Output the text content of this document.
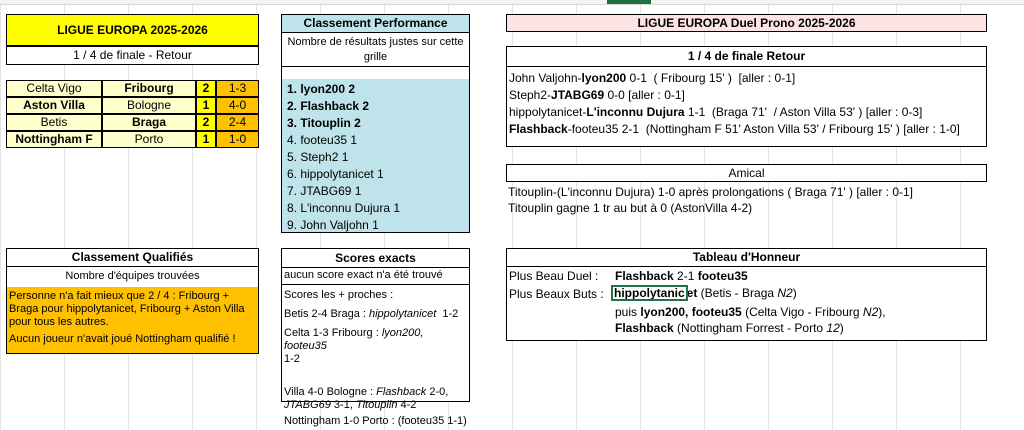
LIGUE EUROPA 2025-2026
1 / 4 de finale - Retour
Celta Vigo	Fribourg	2	1-3
Aston Villa	Bologne	1	4-0
Betis	Braga	2	2-4
Nottingham F	Porto	1	1-0
Classement Qualifiés
Nombre d'équipes trouvées
Personne n'a fait mieux que 2 / 4 : Fribourg +
Braga pour hippolytanicet, Fribourg + Aston Villa
pour tous les autres.
Aucun joueur n'avait joué Nottingham qualifié !
Classement Performance
Nombre de résultats justes sur cette
grille
1. lyon200 2
2. Flashback 2
3. Titouplin 2
4. footeu35 1
5. Steph2 1
6. hippolytanicet 1
7. JTABG69 1
8. L'inconnu Dujura 1
9. John Valjohn 1
Scores exacts
aucun score exact n'a été trouvé
Scores les + proches :
Betis 2-4 Braga : hippolytanicet  1-2
Celta 1-3 Fribourg : lyon200, footeu35
1-2
Villa 4-0 Bologne : Flashback 2-0,
JTABG69 3-1, Titouplin 4-2
Nottingham 1-0 Porto : (footeu35 1-1)
LIGUE EUROPA Duel Prono 2025-2026
1 / 4 de finale Retour
John Valjohn-lyon200 0-1  ( Fribourg 15' )  [aller : 0-1]
Steph2-JTABG69 0-0 [aller : 0-1]
hippolytanicet-L'inconnu Dujura 1-1  (Braga 71'  / Aston Villa 53' ) [aller : 0-3]
Flashback-footeu35 2-1  (Nottingham F 51' Aston Villa 53' / Fribourg 15' ) [aller : 1-0]
Amical
Titouplin-(L'inconnu Dujura) 1-0 après prolongations ( Braga 71' ) [aller : 0-1]
Titouplin gagne 1 tr au but à 0 (AstonVilla 4-2)
Tableau d'Honneur
Plus Beau Duel : Flashback 2-1 footeu35
Plus Beaux Buts : hippolytanic et (Betis - Braga N2)
puis lyon200, footeu35 (Celta Vigo - Fribourg N2),
Flashback (Nottingham Forrest - Porto 12)
